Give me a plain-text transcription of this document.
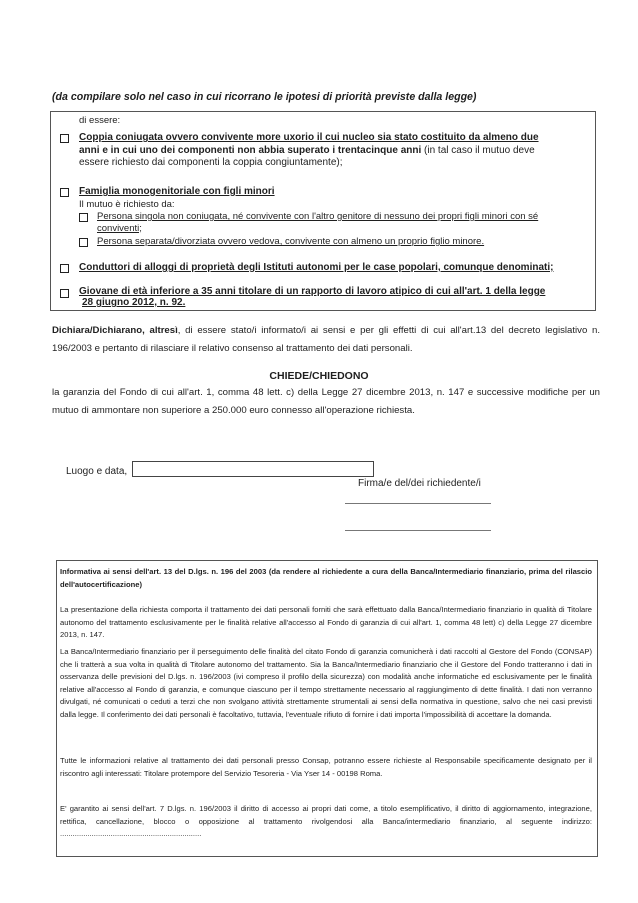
(da compilare solo nel caso in cui ricorrano le ipotesi di priorità previste dalla legge)
di essere:
Coppia coniugata ovvero convivente more uxorio il cui nucleo sia stato costituito da almeno due
anni e in cui uno dei componenti non abbia superato i trentacinque anni (in tal caso il mutuo deve
essere richiesto dai componenti la coppia congiuntamente);
Famiglia monogenitoriale con figli minori
Il mutuo è richiesto da:
Persona singola non coniugata, né convivente con l'altro genitore di nessuno dei propri figli minori con sé
conviventi;
Persona separata/divorziata ovvero vedova, convivente con almeno un proprio figlio minore.
Conduttori di alloggi di proprietà degli Istituti autonomi per le case popolari, comunque denominati;
Giovane di età inferiore a 35 anni titolare di un rapporto di lavoro atipico di cui all'art. 1 della legge
28 giugno 2012, n. 92.
Dichiara/Dichiarano, altresì, di essere stato/i informato/i ai sensi e per gli effetti di cui all'art.13 del decreto legislativo n. 196/2003 e pertanto di rilasciare il relativo consenso al trattamento dei dati personali.
CHIEDE/CHIEDONO
la garanzia del Fondo di cui all'art. 1, comma 48 lett. c) della Legge 27 dicembre 2013, n. 147 e successive modifiche per un mutuo di ammontare non superiore a 250.000 euro connesso all'operazione richiesta.
Luogo e data,
Firma/e del/dei richiedente/i
Informativa ai sensi dell'art. 13 del D.lgs. n. 196 del 2003 (da rendere al richiedente a cura della Banca/Intermediario finanziario, prima del rilascio dell'autocertificazione)
La presentazione della richiesta comporta il trattamento dei dati personali forniti che sarà effettuato dalla Banca/Intermediario finanziario in qualità di Titolare autonomo del trattamento esclusivamente per le finalità relative all'accesso al Fondo di garanzia di cui all'art. 1, comma 48 lett) c) della Legge 27 dicembre 2013, n. 147.
La Banca/Intermediario finanziario per il perseguimento delle finalità del citato Fondo di garanzia comunicherà i dati raccolti al Gestore del Fondo (CONSAP) che li tratterà a sua volta in qualità di Titolare autonomo del trattamento. Sia la Banca/Intermediario finanziario che il Gestore del Fondo tratteranno i dati in osservanza delle previsioni del D.lgs. n. 196/2003 (ivi compreso il profilo della sicurezza) con modalità anche informatiche ed esclusivamente per le finalità relative all'accesso al Fondo di garanzia, e comunque ciascuno per il tempo strettamente necessario al raggiungimento di dette finalità. I dati non verranno divulgati, né comunicati o ceduti a terzi che non svolgano attività strettamente strumentali ai sensi della normativa in questione, salvo che nei casi previsti dalla legge. Il conferimento dei dati personali è facoltativo, tuttavia, l'eventuale rifiuto di fornire i dati importa l'impossibilità di accettare la domanda.
Tutte le informazioni relative al trattamento dei dati personali presso Consap, potranno essere richieste al Responsabile specificamente designato per il riscontro agli interessati: Titolare protempore del Servizio Tesoreria - Via Yser 14 - 00198 Roma.
E' garantito ai sensi dell'art. 7 D.lgs. n. 196/2003 il diritto di accesso ai propri dati come, a titolo esemplificativo, il diritto di aggiornamento, integrazione, rettifica, cancellazione, blocco o opposizione al trattamento rivolgendosi alla Banca/intermediario finanziario, al seguente indirizzo: ...................................................................
